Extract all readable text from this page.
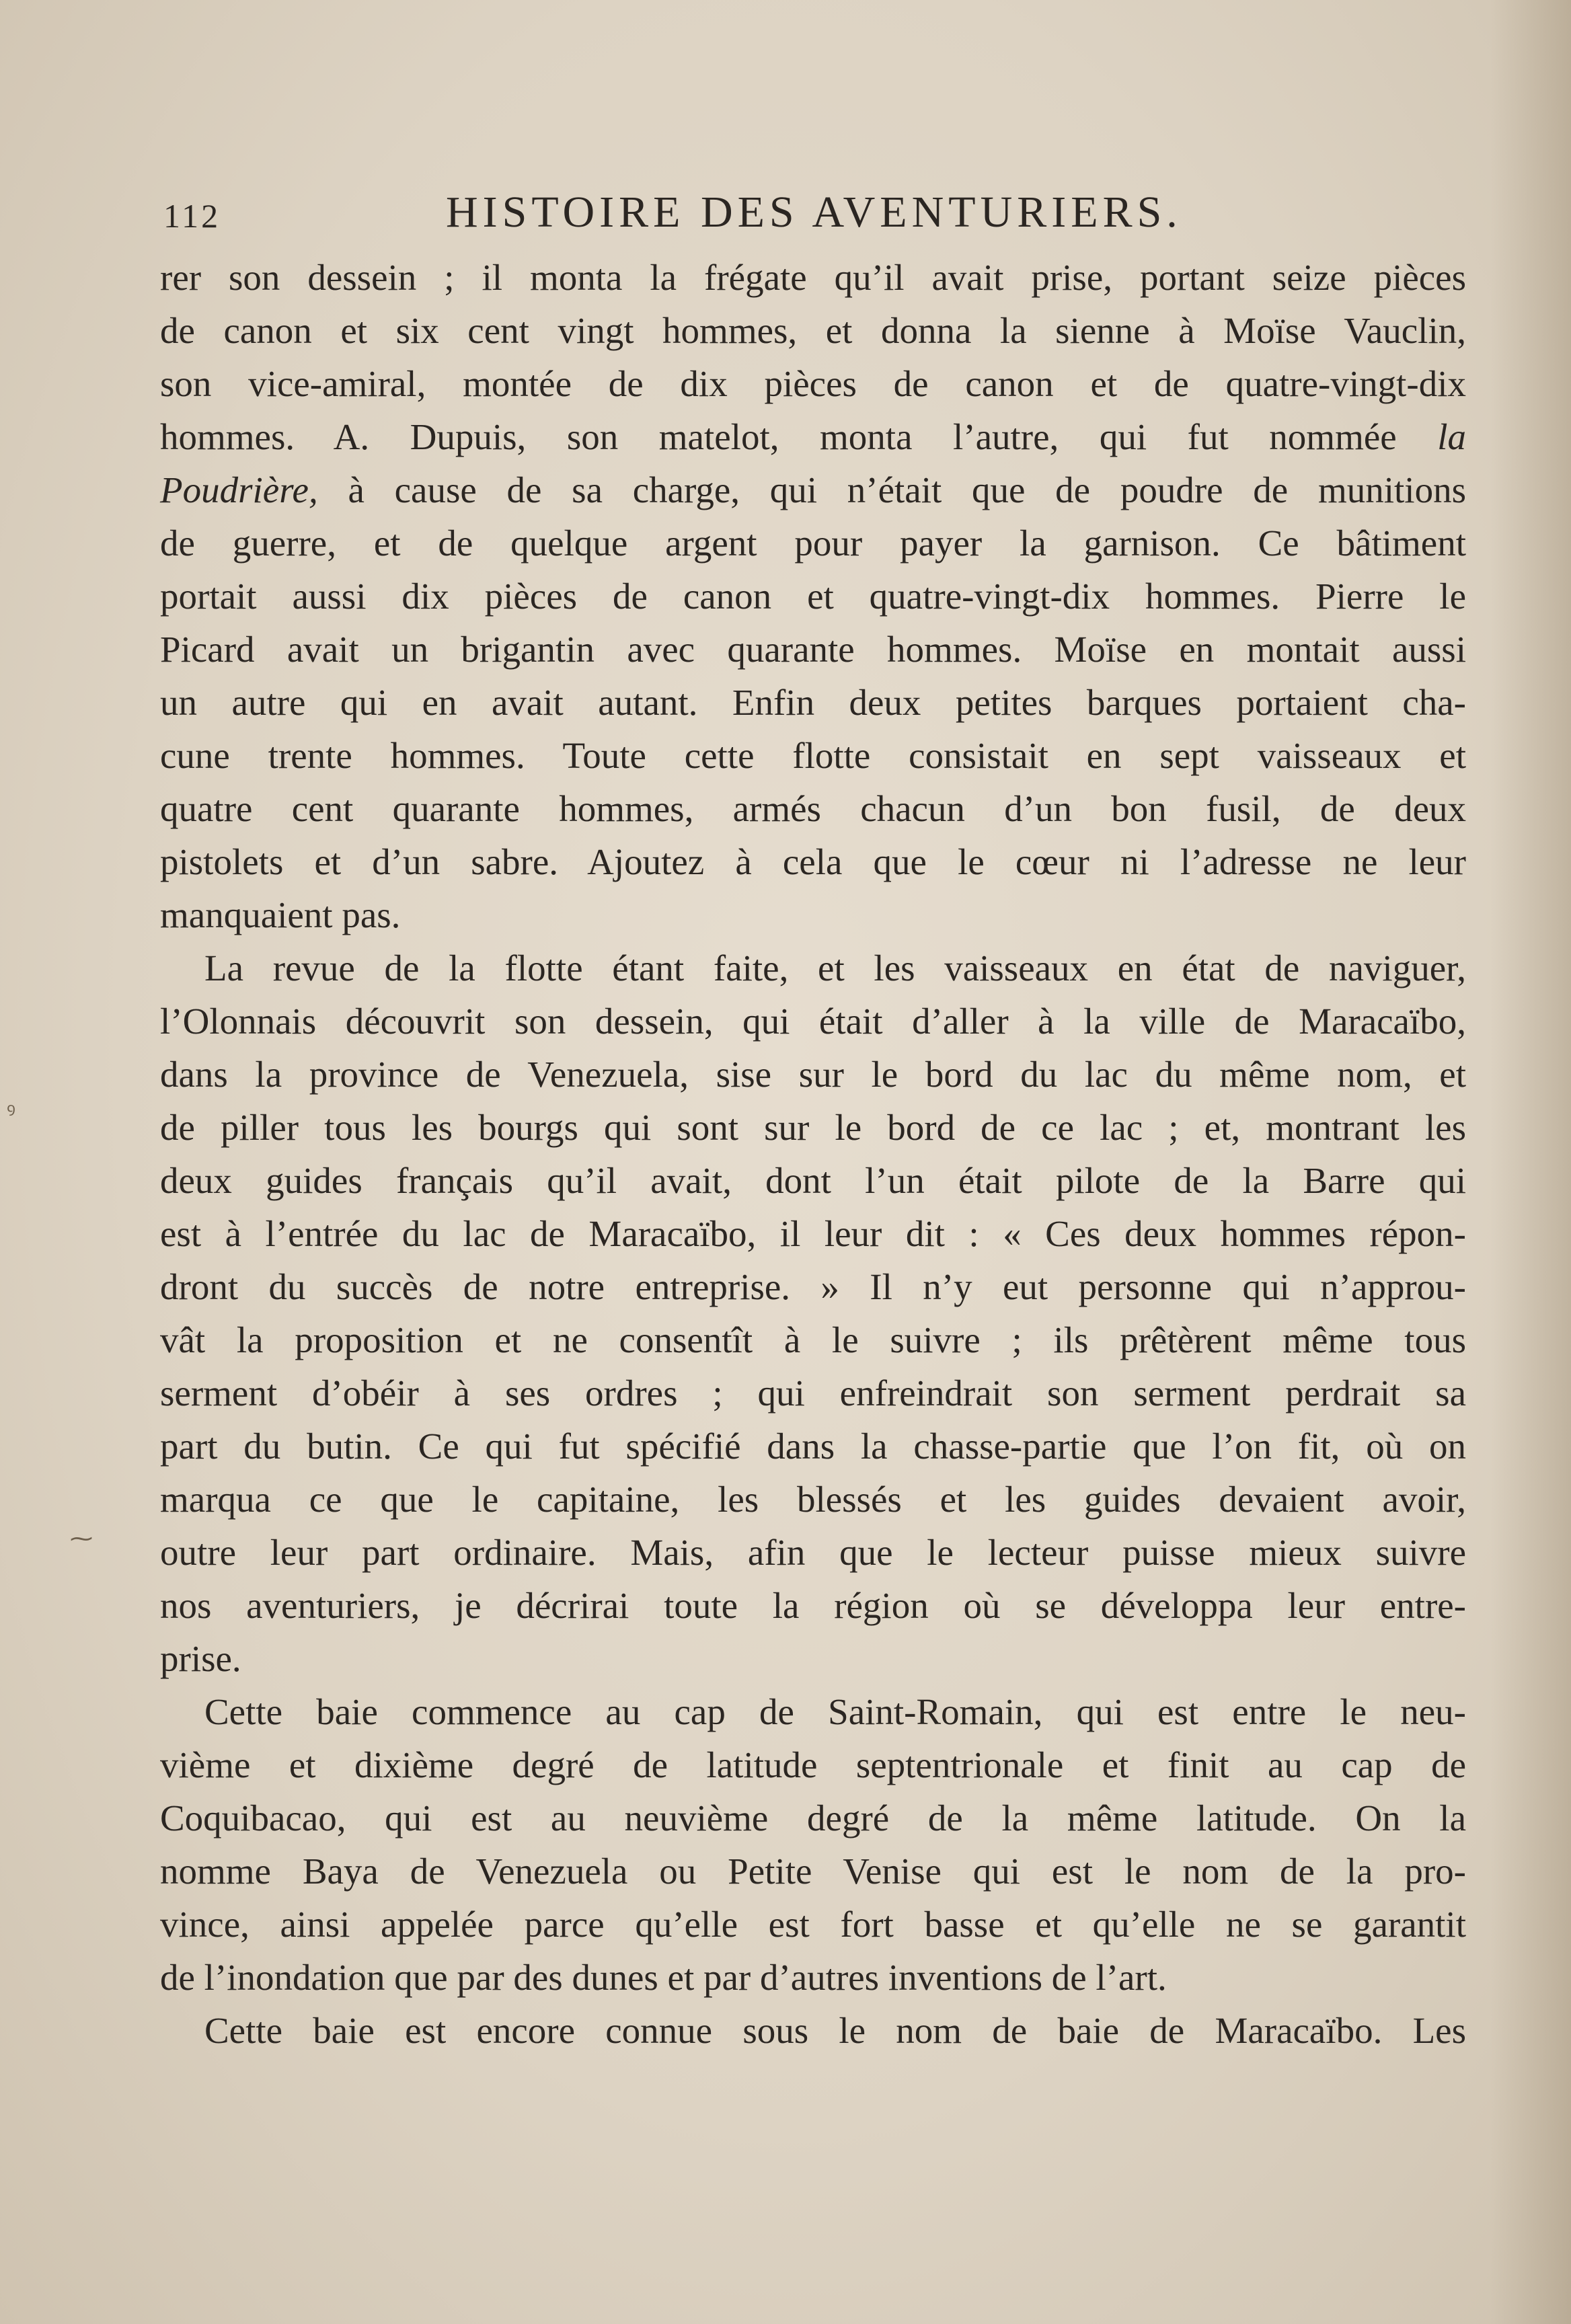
112	HISTOIRE DES AVENTURIERS.
ꝰ
⁓
rer son dessein ; il monta la frégate qu’il avait prise, portant seize pièces
de canon et six cent vingt hommes, et donna la sienne à Moïse Vauclin,
son vice-amiral, montée de dix pièces de canon et de quatre-vingt-dix
hommes. A. Dupuis, son matelot, monta l’autre, qui fut nommée la
Poudrière, à cause de sa charge, qui n’était que de poudre de munitions
de guerre, et de quelque argent pour payer la garnison. Ce bâtiment
portait aussi dix pièces de canon et quatre-vingt-dix hommes. Pierre le
Picard avait un brigantin avec quarante hommes. Moïse en montait aussi
un autre qui en avait autant. Enfin deux petites barques portaient cha-
cune trente hommes. Toute cette flotte consistait en sept vaisseaux et
quatre cent quarante hommes, armés chacun d’un bon fusil, de deux
pistolets et d’un sabre. Ajoutez à cela que le cœur ni l’adresse ne leur
manquaient pas.
La revue de la flotte étant faite, et les vaisseaux en état de naviguer,
l’Olonnais découvrit son dessein, qui était d’aller à la ville de Maracaïbo,
dans la province de Venezuela, sise sur le bord du lac du même nom, et
de piller tous les bourgs qui sont sur le bord de ce lac ; et, montrant les
deux guides français qu’il avait, dont l’un était pilote de la Barre qui
est à l’entrée du lac de Maracaïbo, il leur dit : « Ces deux hommes répon-
dront du succès de notre entreprise. » Il n’y eut personne qui n’approu-
vât la proposition et ne consentît à le suivre ; ils prêtèrent même tous
serment d’obéir à ses ordres ; qui enfreindrait son serment perdrait sa
part du butin. Ce qui fut spécifié dans la chasse-partie que l’on fit, où on
marqua ce que le capitaine, les blessés et les guides devaient avoir,
outre leur part ordinaire. Mais, afin que le lecteur puisse mieux suivre
nos aventuriers, je décrirai toute la région où se développa leur entre-
prise.
Cette baie commence au cap de Saint-Romain, qui est entre le neu-
vième et dixième degré de latitude septentrionale et finit au cap de
Coquibacao, qui est au neuvième degré de la même latitude. On la
nomme Baya de Venezuela ou Petite Venise qui est le nom de la pro-
vince, ainsi appelée parce qu’elle est fort basse et qu’elle ne se garantit
de l’inondation que par des dunes et par d’autres inventions de l’art.
Cette baie est encore connue sous le nom de baie de Maracaïbo. Les
